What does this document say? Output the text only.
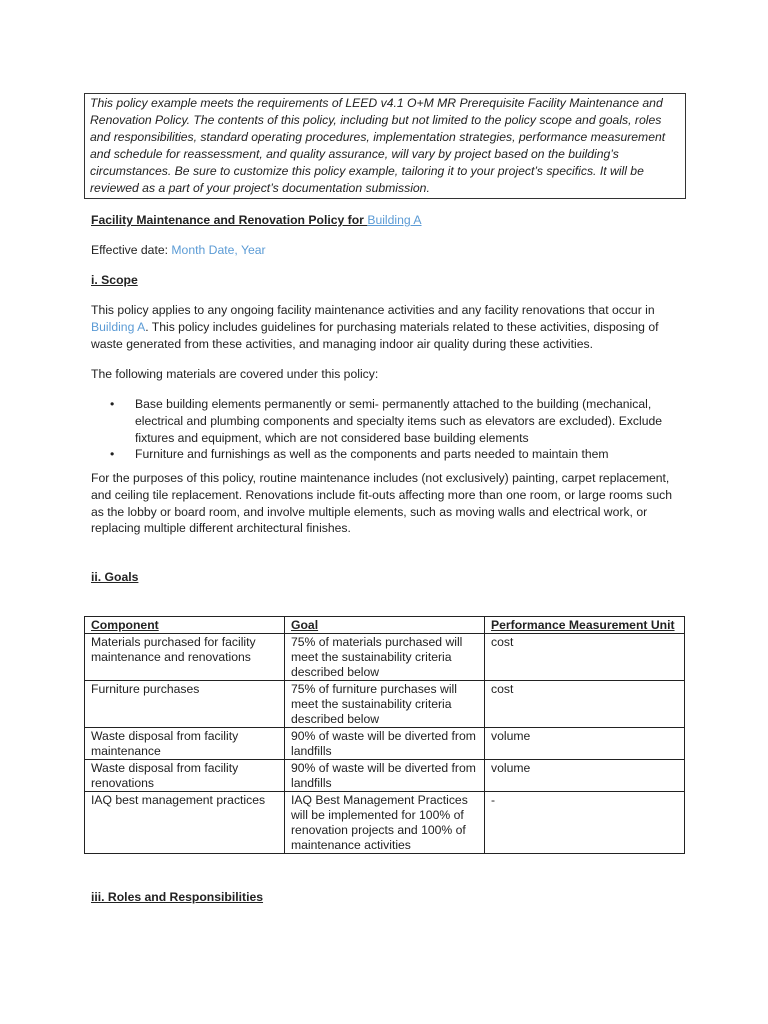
This policy example meets the requirements of LEED v4.1 O+M MR Prerequisite Facility Maintenance and Renovation Policy. The contents of this policy, including but not limited to the policy scope and goals, roles and responsibilities, standard operating procedures, implementation strategies, performance measurement and schedule for reassessment, and quality assurance, will vary by project based on the building’s circumstances. Be sure to customize this policy example, tailoring it to your project’s specifics. It will be reviewed as a part of your project’s documentation submission.
Facility Maintenance and Renovation Policy for Building A
Effective date: Month Date, Year
i. Scope
This policy applies to any ongoing facility maintenance activities and any facility renovations that occur in Building A. This policy includes guidelines for purchasing materials related to these activities, disposing of waste generated from these activities, and managing indoor air quality during these activities.
The following materials are covered under this policy:
• Base building elements permanently or semi- permanently attached to the building (mechanical, electrical and plumbing components and specialty items such as elevators are excluded). Exclude fixtures and equipment, which are not considered base building elements
• Furniture and furnishings as well as the components and parts needed to maintain them
For the purposes of this policy, routine maintenance includes (not exclusively) painting, carpet replacement, and ceiling tile replacement. Renovations include fit-outs affecting more than one room, or large rooms such as the lobby or board room, and involve multiple elements, such as moving walls and electrical work, or replacing multiple different architectural finishes.
ii. Goals
Component	Goal	Performance Measurement Unit
Materials purchased for facility maintenance and renovations	75% of materials purchased will meet the sustainability criteria described below	cost
Furniture purchases	75% of furniture purchases will meet the sustainability criteria described below	cost
Waste disposal from facility maintenance	90% of waste will be diverted from landfills	volume
Waste disposal from facility renovations	90% of waste will be diverted from landfills	volume
IAQ best management practices	IAQ Best Management Practices will be implemented for 100% of renovation projects and 100% of maintenance activities	-
iii. Roles and Responsibilities
